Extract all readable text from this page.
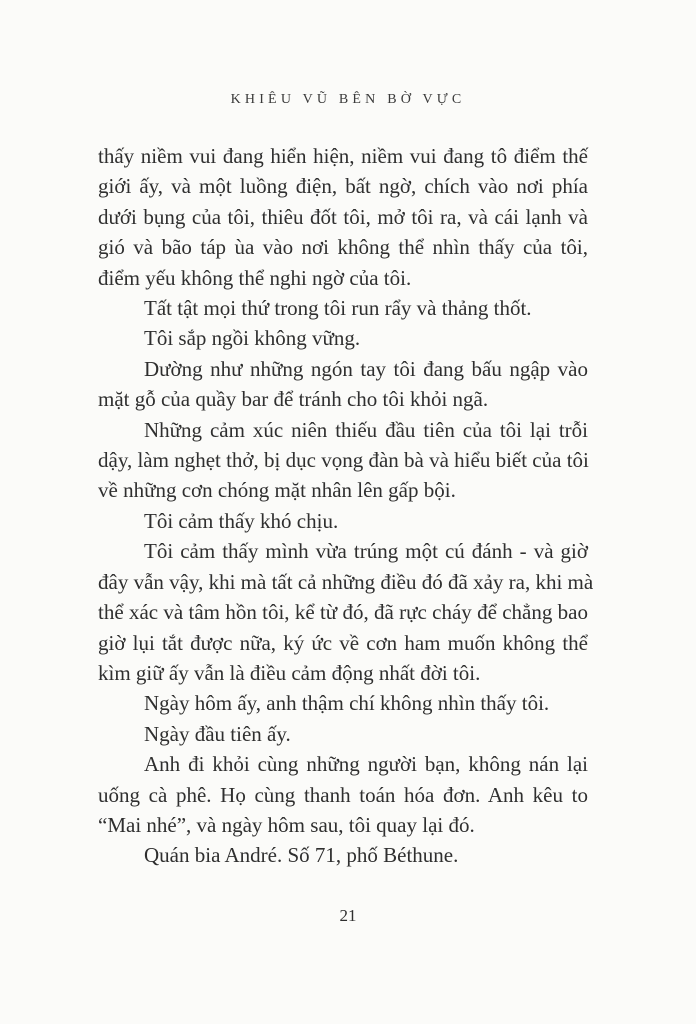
KHIÊU VŨ BÊN BỜ VỰC
thấy niềm vui đang hiển hiện, niềm vui đang tô điểm thế
giới ấy, và một luồng điện, bất ngờ, chích vào nơi phía
dưới bụng của tôi, thiêu đốt tôi, mở tôi ra, và cái lạnh và
gió và bão táp ùa vào nơi không thể nhìn thấy của tôi,
điểm yếu không thể nghi ngờ của tôi.
Tất tật mọi thứ trong tôi run rẩy và thảng thốt.
Tôi sắp ngồi không vững.
Dường như những ngón tay tôi đang bấu ngập vào
mặt gỗ của quầy bar để tránh cho tôi khỏi ngã.
Những cảm xúc niên thiếu đầu tiên của tôi lại trỗi
dậy, làm nghẹt thở, bị dục vọng đàn bà và hiểu biết của tôi
về những cơn chóng mặt nhân lên gấp bội.
Tôi cảm thấy khó chịu.
Tôi cảm thấy mình vừa trúng một cú đánh - và giờ
đây vẫn vậy, khi mà tất cả những điều đó đã xảy ra, khi mà
thể xác và tâm hồn tôi, kể từ đó, đã rực cháy để chẳng bao
giờ lụi tắt được nữa, ký ức về cơn ham muốn không thể
kìm giữ ấy vẫn là điều cảm động nhất đời tôi.
Ngày hôm ấy, anh thậm chí không nhìn thấy tôi.
Ngày đầu tiên ấy.
Anh đi khỏi cùng những người bạn, không nán lại
uống cà phê. Họ cùng thanh toán hóa đơn. Anh kêu to
“Mai nhé”, và ngày hôm sau, tôi quay lại đó.
Quán bia André. Số 71, phố Béthune.
21
